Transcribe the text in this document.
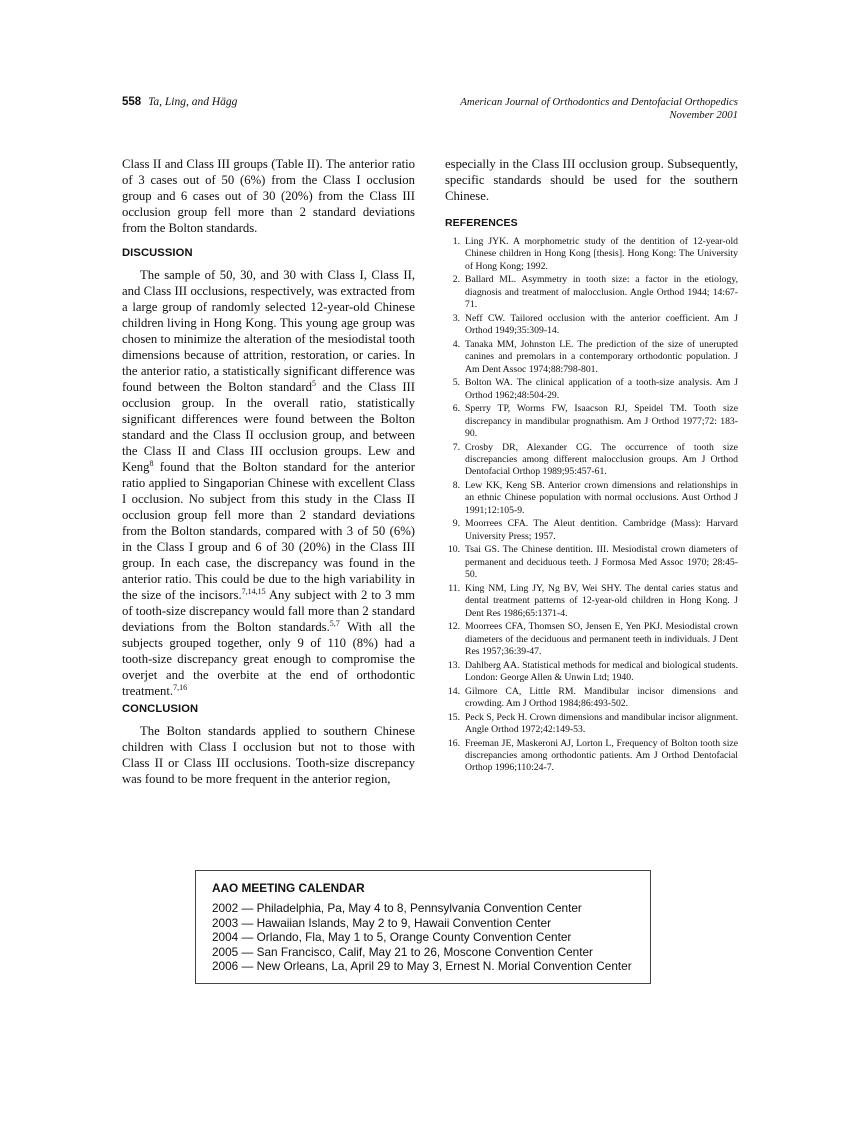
558 Ta, Ling, and Hägg	American Journal of Orthodontics and Dentofacial Orthopedics
November 2001

Class II and Class III groups (Table II). The anterior ratio of 3 cases out of 50 (6%) from the Class I occlusion group and 6 cases out of 30 (20%) from the Class III occlusion group fell more than 2 standard deviations from the Bolton standards.

DISCUSSION

The sample of 50, 30, and 30 with Class I, Class II, and Class III occlusions, respectively, was extracted from a large group of randomly selected 12-year-old Chinese children living in Hong Kong. This young age group was chosen to minimize the alteration of the mesiodistal tooth dimensions because of attrition, restoration, or caries. In the anterior ratio, a statistically significant difference was found between the Bolton standard$^5$ and the Class III occlusion group. In the overall ratio, statistically significant differences were found between the Bolton standard and the Class II occlusion group, and between the Class II and Class III occlusion groups. Lew and Keng$^8$ found that the Bolton standard for the anterior ratio applied to Singaporian Chinese with excellent Class I occlusion. No subject from this study in the Class II occlusion group fell more than 2 standard deviations from the Bolton standards, compared with 3 of 50 (6%) in the Class I group and 6 of 30 (20%) in the Class III group. In each case, the discrepancy was found in the anterior ratio. This could be due to the high variability in the size of the incisors.$^{7,14,15}$ Any subject with 2 to 3 mm of tooth-size discrepancy would fall more than 2 standard deviations from the Bolton standards.$^{5,7}$ With all the subjects grouped together, only 9 of 110 (8%) had a tooth-size discrepancy great enough to compromise the overjet and the overbite at the end of orthodontic treatment.$^{7,16}$

CONCLUSION

The Bolton standards applied to southern Chinese children with Class I occlusion but not to those with Class II or Class III occlusions. Tooth-size discrepancy was found to be more frequent in the anterior region,

especially in the Class III occlusion group. Subsequently, specific standards should be used for the southern Chinese.

REFERENCES
1. Ling JYK. A morphometric study of the dentition of 12-year-old Chinese children in Hong Kong [thesis]. Hong Kong: The University of Hong Kong; 1992.
2. Ballard ML. Asymmetry in tooth size: a factor in the etiology, diagnosis and treatment of malocclusion. Angle Orthod 1944; 14:67-71.
3. Neff CW. Tailored occlusion with the anterior coefficient. Am J Orthod 1949;35:309-14.
4. Tanaka MM, Johnston LE. The prediction of the size of unerupted canines and premolars in a contemporary orthodontic population. J Am Dent Assoc 1974;88:798-801.
5. Bolton WA. The clinical application of a tooth-size analysis. Am J Orthod 1962;48:504-29.
6. Sperry TP, Worms FW, Isaacson RJ, Speidel TM. Tooth size discrepancy in mandibular prognathism. Am J Orthod 1977;72: 183-90.
7. Crosby DR, Alexander CG. The occurrence of tooth size discrepancies among different malocclusion groups. Am J Orthod Dentofacial Orthop 1989;95:457-61.
8. Lew KK, Keng SB. Anterior crown dimensions and relationships in an ethnic Chinese population with normal occlusions. Aust Orthod J 1991;12:105-9.
9. Moorrees CFA. The Aleut dentition. Cambridge (Mass): Harvard University Press; 1957.
10. Tsai GS. The Chinese dentition. III. Mesiodistal crown diameters of permanent and deciduous teeth. J Formosa Med Assoc 1970; 28:45-50.
11. King NM, Ling JY, Ng BV, Wei SHY. The dental caries status and dental treatment patterns of 12-year-old children in Hong Kong. J Dent Res 1986;65:1371-4.
12. Moorrees CFA, Thomsen SO, Jensen E, Yen PKJ. Mesiodistal crown diameters of the deciduous and permanent teeth in individuals. J Dent Res 1957;36:39-47.
13. Dahlberg AA. Statistical methods for medical and biological students. London: George Allen & Unwin Ltd; 1940.
14. Gilmore CA, Little RM. Mandibular incisor dimensions and crowding. Am J Orthod 1984;86:493-502.
15. Peck S, Peck H. Crown dimensions and mandibular incisor alignment. Angle Orthod 1972;42:149-53.
16. Freeman JE, Maskeroni AJ, Lorton L, Frequency of Bolton tooth size discrepancies among orthodontic patients. Am J Orthod Dentofacial Orthop 1996;110:24-7.
AAO MEETING CALENDAR
2002 — Philadelphia, Pa, May 4 to 8, Pennsylvania Convention Center
2003 — Hawaiian Islands, May 2 to 9, Hawaii Convention Center
2004 — Orlando, Fla, May 1 to 5, Orange County Convention Center
2005 — San Francisco, Calif, May 21 to 26, Moscone Convention Center
2006 — New Orleans, La, April 29 to May 3, Ernest N. Morial Convention Center
